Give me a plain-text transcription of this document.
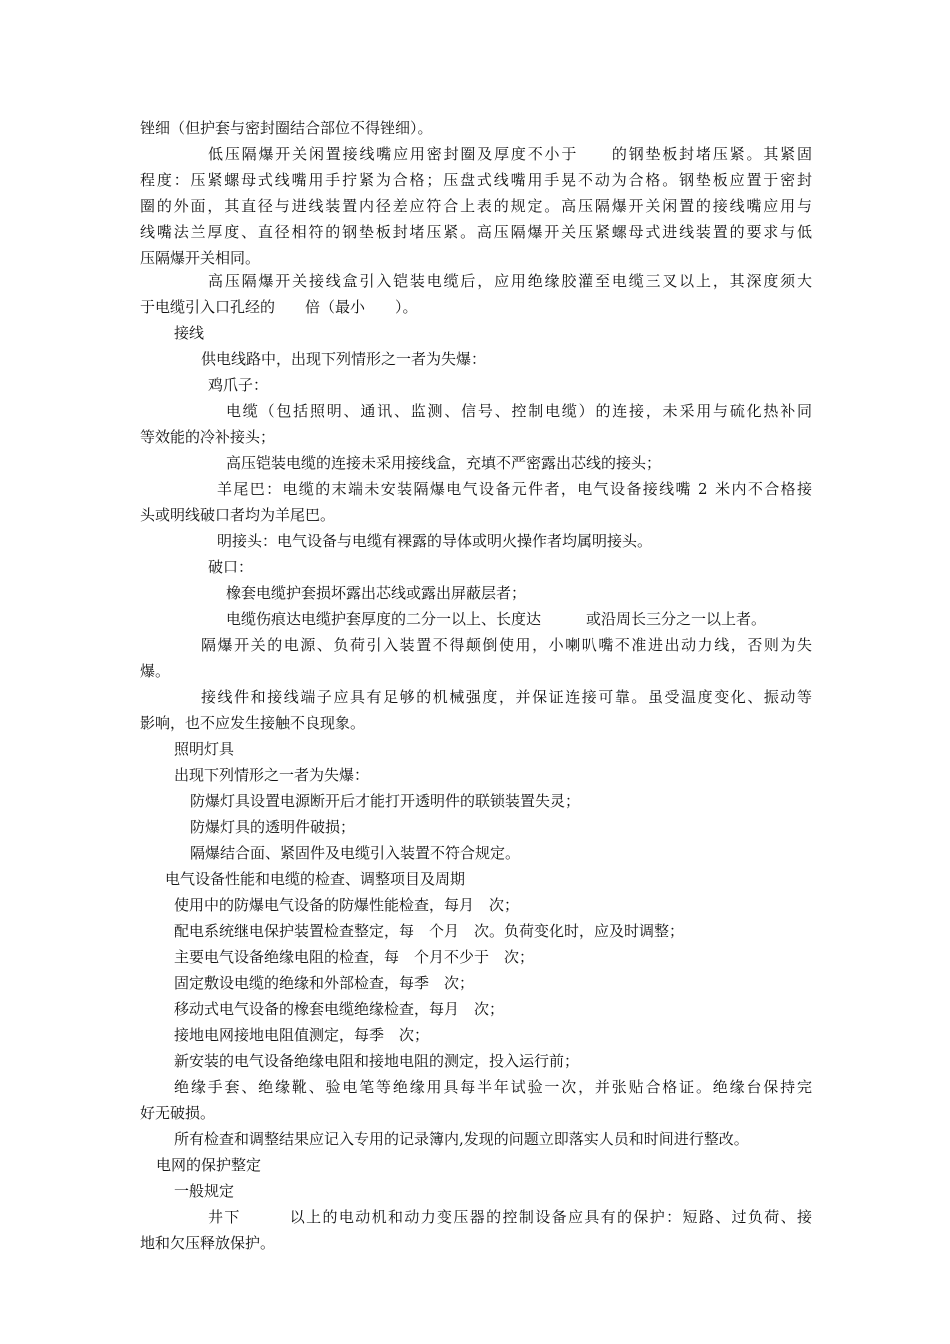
锉细（但护套与密封圈结合部位不得锉细）。
低压隔爆开关闲置接线嘴应用密封圈及厚度不小于　　的钢垫板封堵压紧。其紧固
程度：压紧螺母式线嘴用手拧紧为合格；压盘式线嘴用手晃不动为合格。钢垫板应置于密封
圈的外面，其直径与进线装置内径差应符合上表的规定。高压隔爆开关闲置的接线嘴应用与
线嘴法兰厚度、直径相符的钢垫板封堵压紧。高压隔爆开关压紧螺母式进线装置的要求与低
压隔爆开关相同。
高压隔爆开关接线盒引入铠装电缆后，应用绝缘胶灌至电缆三叉以上，其深度须大
于电缆引入口孔经的　　倍（最小　　）。
接线
供电线路中，出现下列情形之一者为失爆：
鸡爪子：
电缆（包括照明、通讯、监测、信号、控制电缆）的连接，未采用与硫化热补同
等效能的冷补接头；
高压铠装电缆的连接未采用接线盒，充填不严密露出芯线的接头；
羊尾巴：电缆的末端未安装隔爆电气设备元件者，电气设备接线嘴 2 米内不合格接
头或明线破口者均为羊尾巴。
明接头：电气设备与电缆有裸露的导体或明火操作者均属明接头。
破口：
橡套电缆护套损坏露出芯线或露出屏蔽层者；
电缆伤痕达电缆护套厚度的二分一以上、长度达　　　或沿周长三分之一以上者。
隔爆开关的电源、负荷引入装置不得颠倒使用，小喇叭嘴不准进出动力线，否则为失
爆。
接线件和接线端子应具有足够的机械强度，并保证连接可靠。虽受温度变化、振动等
影响，也不应发生接触不良现象。
照明灯具
出现下列情形之一者为失爆：
防爆灯具设置电源断开后才能打开透明件的联锁装置失灵；
防爆灯具的透明件破损；
隔爆结合面、紧固件及电缆引入装置不符合规定。
电气设备性能和电缆的检查、调整项目及周期
使用中的防爆电气设备的防爆性能检查，每月　次；
配电系统继电保护装置检查整定，每　个月　次。负荷变化时，应及时调整；
主要电气设备绝缘电阻的检查，每　个月不少于　次；
固定敷设电缆的绝缘和外部检查，每季　次；
移动式电气设备的橡套电缆绝缘检查，每月　次；
接地电网接地电阻值测定，每季　次；
新安装的电气设备绝缘电阻和接地电阻的测定，投入运行前；
绝缘手套、绝缘靴、验电笔等绝缘用具每半年试验一次，并张贴合格证。绝缘台保持完
好无破损。
所有检查和调整结果应记入专用的记录簿内,发现的问题立即落实人员和时间进行整改。
电网的保护整定
一般规定
井下　　　以上的电动机和动力变压器的控制设备应具有的保护：短路、过负荷、接
地和欠压释放保护。
